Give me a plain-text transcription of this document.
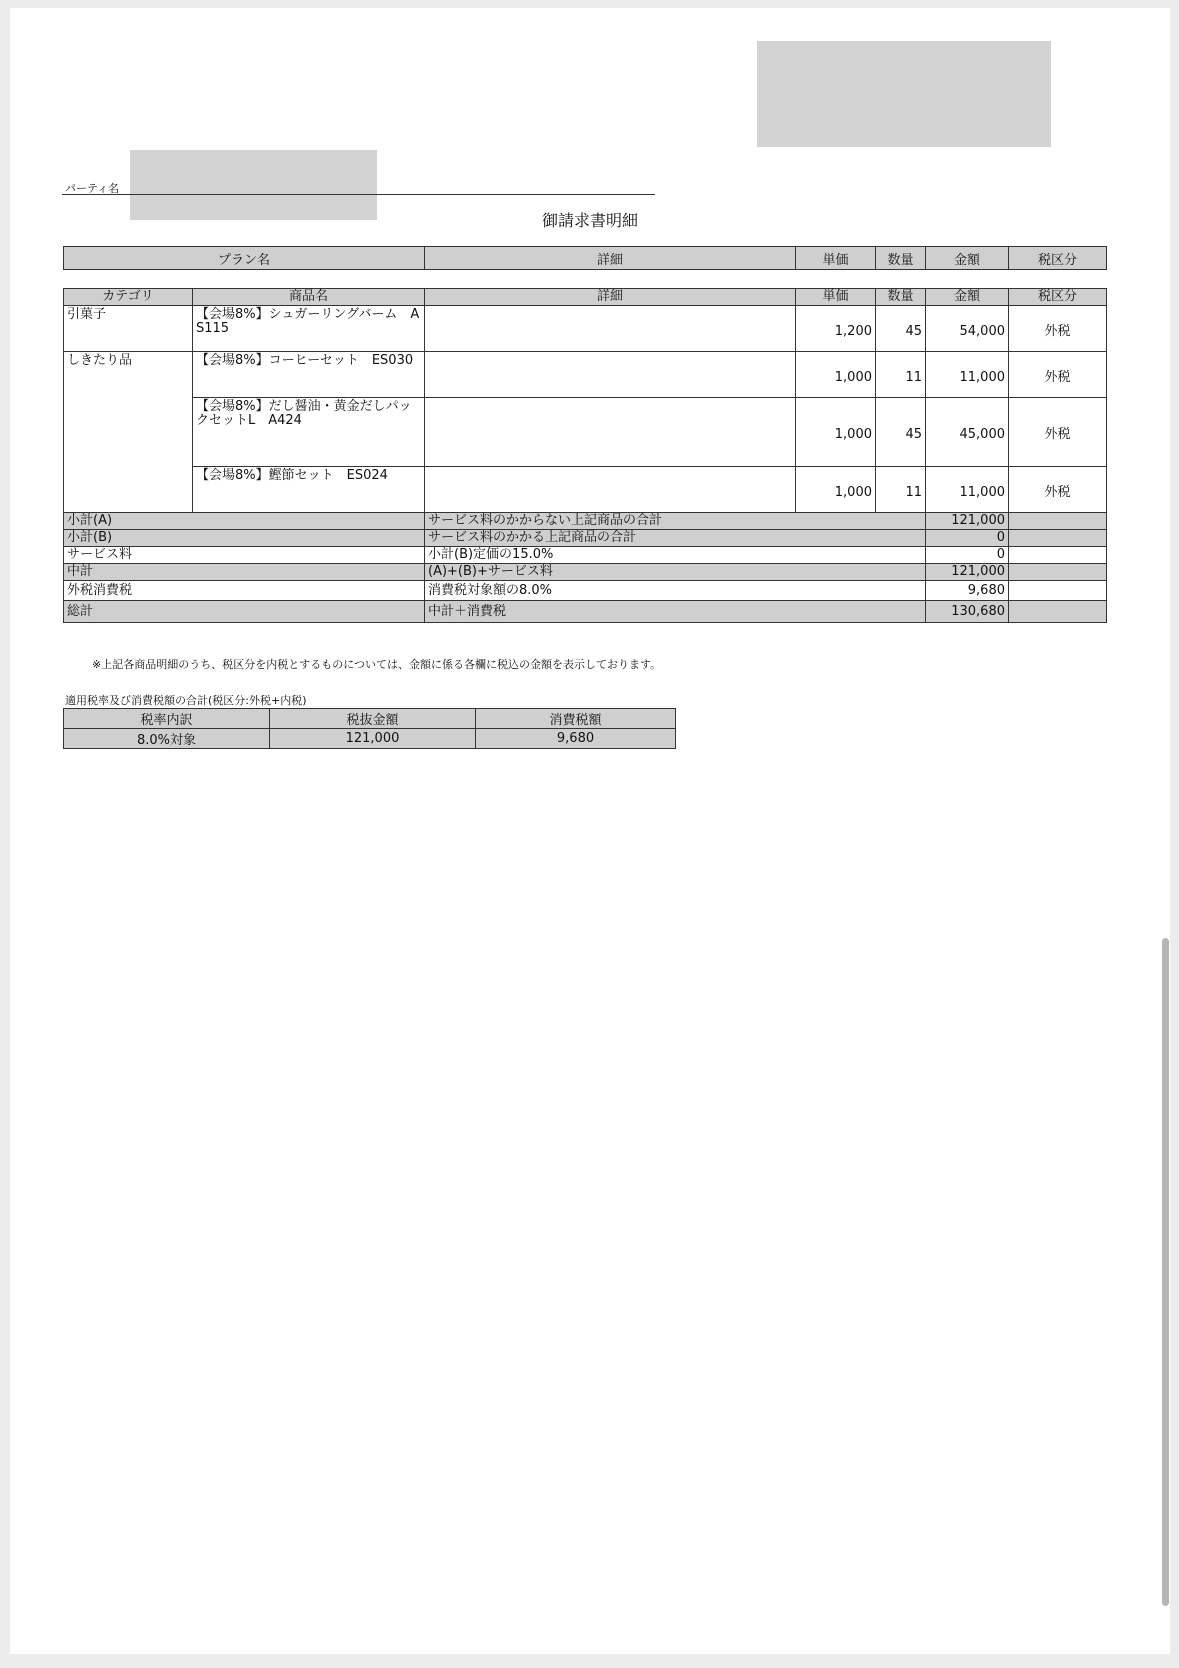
パーティ名
御請求書明細
プラン名	詳細	単価	数量	金額	税区分
カテゴリ	商品名	詳細	単価	数量	金額	税区分
引菓子	【会場8%】シュガーリングバーム　A S115		1,200	45	54,000	外税
しきたり品	【会場8%】コーヒーセット　ES030		1,000	11	11,000	外税
	【会場8%】だし醤油・黄金だしパックセットL　A424		1,000	45	45,000	外税
	【会場8%】鰹節セット　ES024		1,000	11	11,000	外税
小計(A)		サービス料のかからない上記商品の合計			121,000	
小計(B)		サービス料のかかる上記商品の合計			0	
サービス料		小計(B)定価の15.0%			0	
中計		(A)+(B)+サービス料			121,000	
外税消費税		消費税対象額の8.0%			9,680	
総計		中計＋消費税			130,680	
※上記各商品明細のうち、税区分を内税とするものについては、金額に係る各欄に税込の金額を表示しております。
適用税率及び消費税額の合計(税区分:外税+内税)
税率内訳	税抜金額	消費税額
8.0%対象	121,000	9,680
